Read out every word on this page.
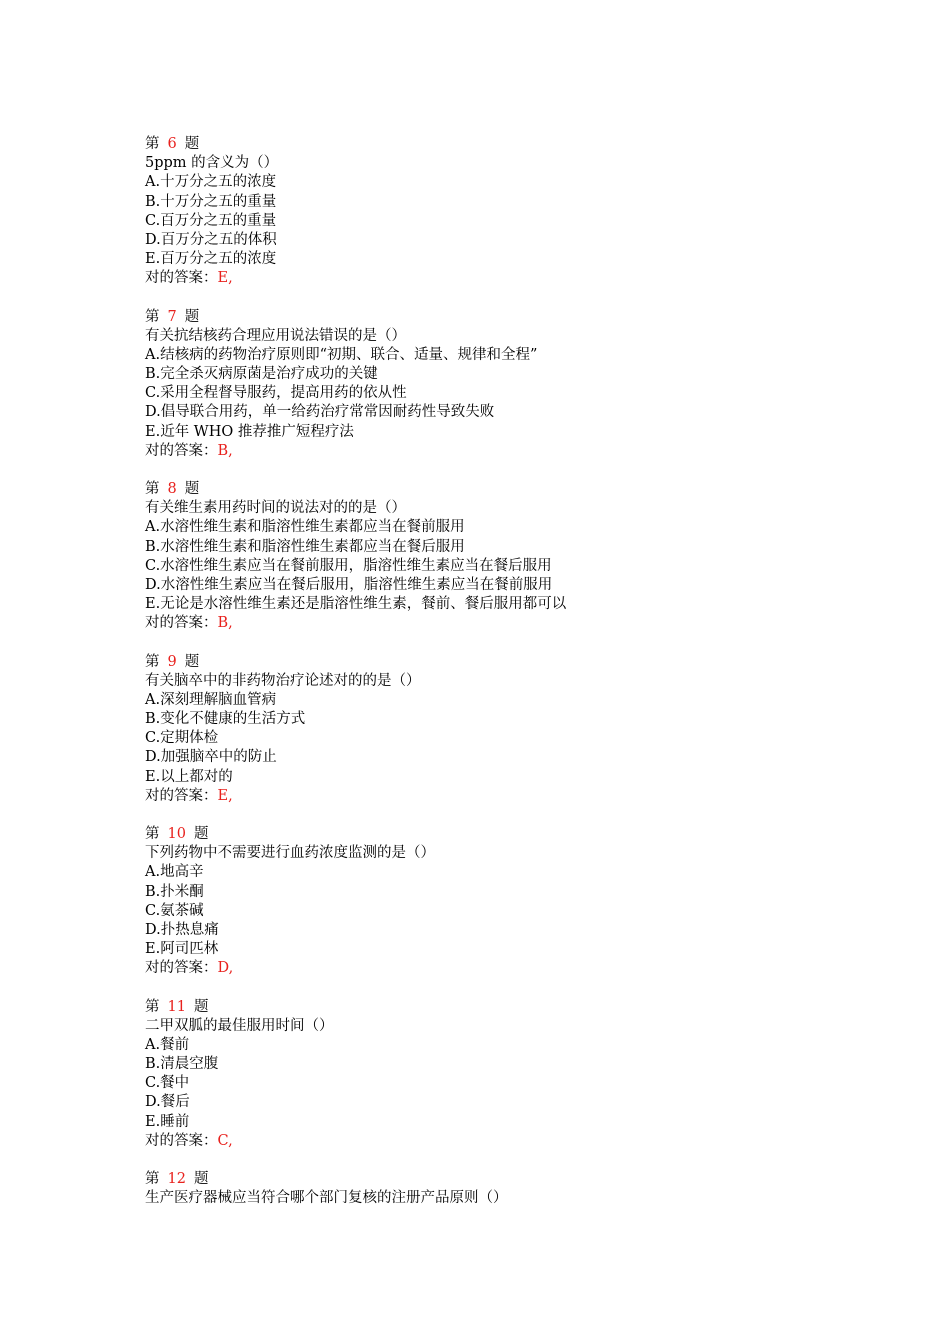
第 6 题
5ppm 的含义为（）
A.十万分之五的浓度
B.十万分之五的重量
C.百万分之五的重量
D.百万分之五的体积
E.百万分之五的浓度
对的答案：E,
第 7 题
有关抗结核药合理应用说法错误的是（）
A.结核病的药物治疗原则即“初期、联合、适量、规律和全程”
B.完全杀灭病原菌是治疗成功的关键
C.采用全程督导服药，提高用药的依从性
D.倡导联合用药，单一给药治疗常常因耐药性导致失败
E.近年 WHO 推荐推广短程疗法
对的答案：B,
第 8 题
有关维生素用药时间的说法对的的是（）
A.水溶性维生素和脂溶性维生素都应当在餐前服用
B.水溶性维生素和脂溶性维生素都应当在餐后服用
C.水溶性维生素应当在餐前服用，脂溶性维生素应当在餐后服用
D.水溶性维生素应当在餐后服用，脂溶性维生素应当在餐前服用
E.无论是水溶性维生素还是脂溶性维生素，餐前、餐后服用都可以
对的答案：B,
第 9 题
有关脑卒中的非药物治疗论述对的的是（）
A.深刻理解脑血管病
B.变化不健康的生活方式
C.定期体检
D.加强脑卒中的防止
E.以上都对的
对的答案：E,
第 10 题
下列药物中不需要进行血药浓度监测的是（）
A.地高辛
B.扑米酮
C.氨茶碱
D.扑热息痛
E.阿司匹林
对的答案：D,
第 11 题
二甲双胍的最佳服用时间（）
A.餐前
B.清晨空腹
C.餐中
D.餐后
E.睡前
对的答案：C,
第 12 题
生产医疗器械应当符合哪个部门复核的注册产品原则（）
